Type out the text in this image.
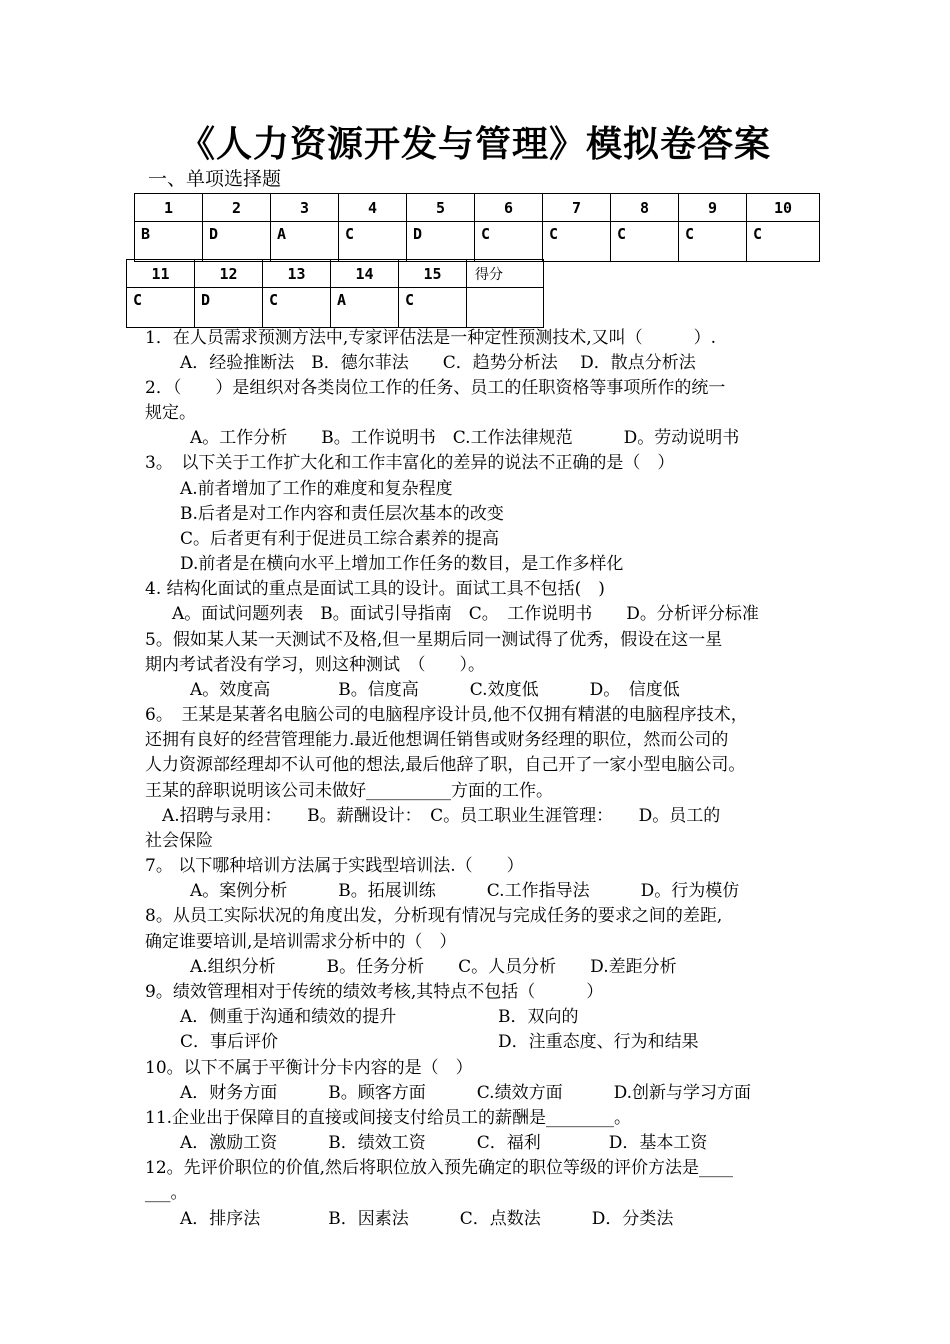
《人力资源开发与管理》模拟卷答案
一、单项选择题
1	2	3	4	5	6	7	8	9	10
B	D	A	C	D	C	C	C	C	C
11	12	13	14	15	得分
C	D	C	A	C	
1．在人员需求预测方法中,专家评估法是一种定性预测技术,又叫（　　　）.
A．经验推断法　B．德尔菲法　　C．趋势分析法　 D．散点分析法
2．（　　）是组织对各类岗位工作的任务、员工的任职资格等事项所作的统一
规定。
A。工作分析　　B。工作说明书　C.工作法律规范　　　D。劳动说明书
3。　以下关于工作扩大化和工作丰富化的差异的说法不正确的是（　）
A.前者增加了工作的难度和复杂程度
B.后者是对工作内容和责任层次基本的改变
C。后者更有利于促进员工综合素养的提高
D.前者是在横向水平上增加工作任务的数目，是工作多样化
4. 结构化面试的重点是面试工具的设计。面试工具不包括(　)
A。面试问题列表　B。面试引导指南　C。　工作说明书　　D。分析评分标准
5。假如某人某一天测试不及格,但一星期后同一测试得了优秀，假设在这一星
期内考试者没有学习，则这种测试　（　　）。
A。效度高　　　　B。信度高　　　C.效度低　　　D。　信度低
6。　王某是某著名电脑公司的电脑程序设计员,他不仅拥有精湛的电脑程序技术，
还拥有良好的经营管理能力.最近他想调任销售或财务经理的职位，然而公司的
人力资源部经理却不认可他的想法,最后他辞了职，自己开了一家小型电脑公司。
王某的辞职说明该公司未做好__________方面的工作。
A.招聘与录用：　　B。薪酬设计：　C。员工职业生涯管理：　　D。员工的
社会保险
7。 以下哪种培训方法属于实践型培训法.（　　）
A。案例分析　　　B。拓展训练　　　C.工作指导法　　　D。行为模仿
8。从员工实际状况的角度出发，分析现有情况与完成任务的要求之间的差距,
确定谁要培训,是培训需求分析中的（　）
A.组织分析　　　B。任务分析　　C。人员分析　　D.差距分析
9。绩效管理相对于传统的绩效考核,其特点不包括（　　　）
A．侧重于沟通和绩效的提升	B．双向的
C．事后评价	D．注重态度、行为和结果
10。以下不属于平衡计分卡内容的是（　）
A．财务方面　　　B。顾客方面　　　C.绩效方面　　　D.创新与学习方面
11.企业出于保障目的直接或间接支付给员工的薪酬是________。
A．激励工资　　　B．绩效工资　　　C．福利　　　　D．基本工资
12。先评价职位的价值,然后将职位放入预先确定的职位等级的评价方法是____
___。
A．排序法　　　　B．因素法　　　C．点数法　　　D．分类法
